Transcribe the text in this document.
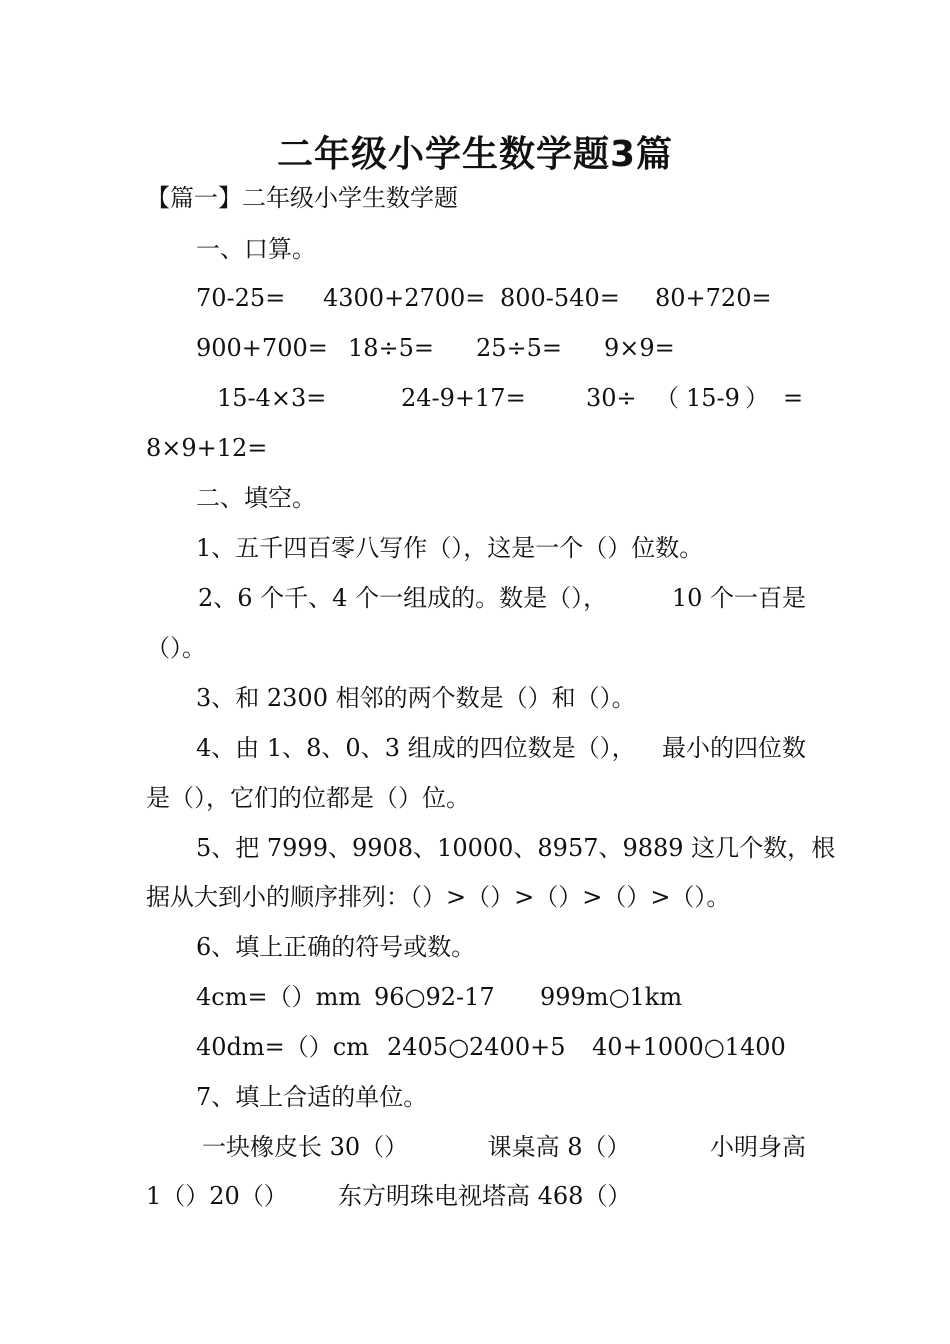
二年级小学生数学题3篇
【篇一】二年级小学生数学题
一、口算。
70-25= 4300+2700= 800-540= 80+720=
900+700= 18÷5= 25÷5= 9×9=
15-4×3=	24-9+17=	30÷ （ 15-9 ） =
8×9+12=
二、填空。
1、五千四百零八写作（），这是一个（）位数。
2、6 个千、4 个一组成的。数是（），	10 个一百是
（）。
3、和 2300 相邻的两个数是（）和（）。
4、由 1、8、0、3 组成的四位数是（）， 最小的四位数
是（），它们的位都是（）位。
5、把 7999、9908、10000、8957、9889 这几个数， 根
据从大到小的顺序排列：（）>（）>（）>（）>（）。
6、填上正确的符号或数。
4cm=（）mm 96○92-17 999m○1km
40dm=（）cm 2405○2400+5 40+1000○1400
7、填上合适的单位。
一块橡皮长 30（）	课桌高 8（）	小明身高
1（）20（） 东方明珠电视塔高 468（）
